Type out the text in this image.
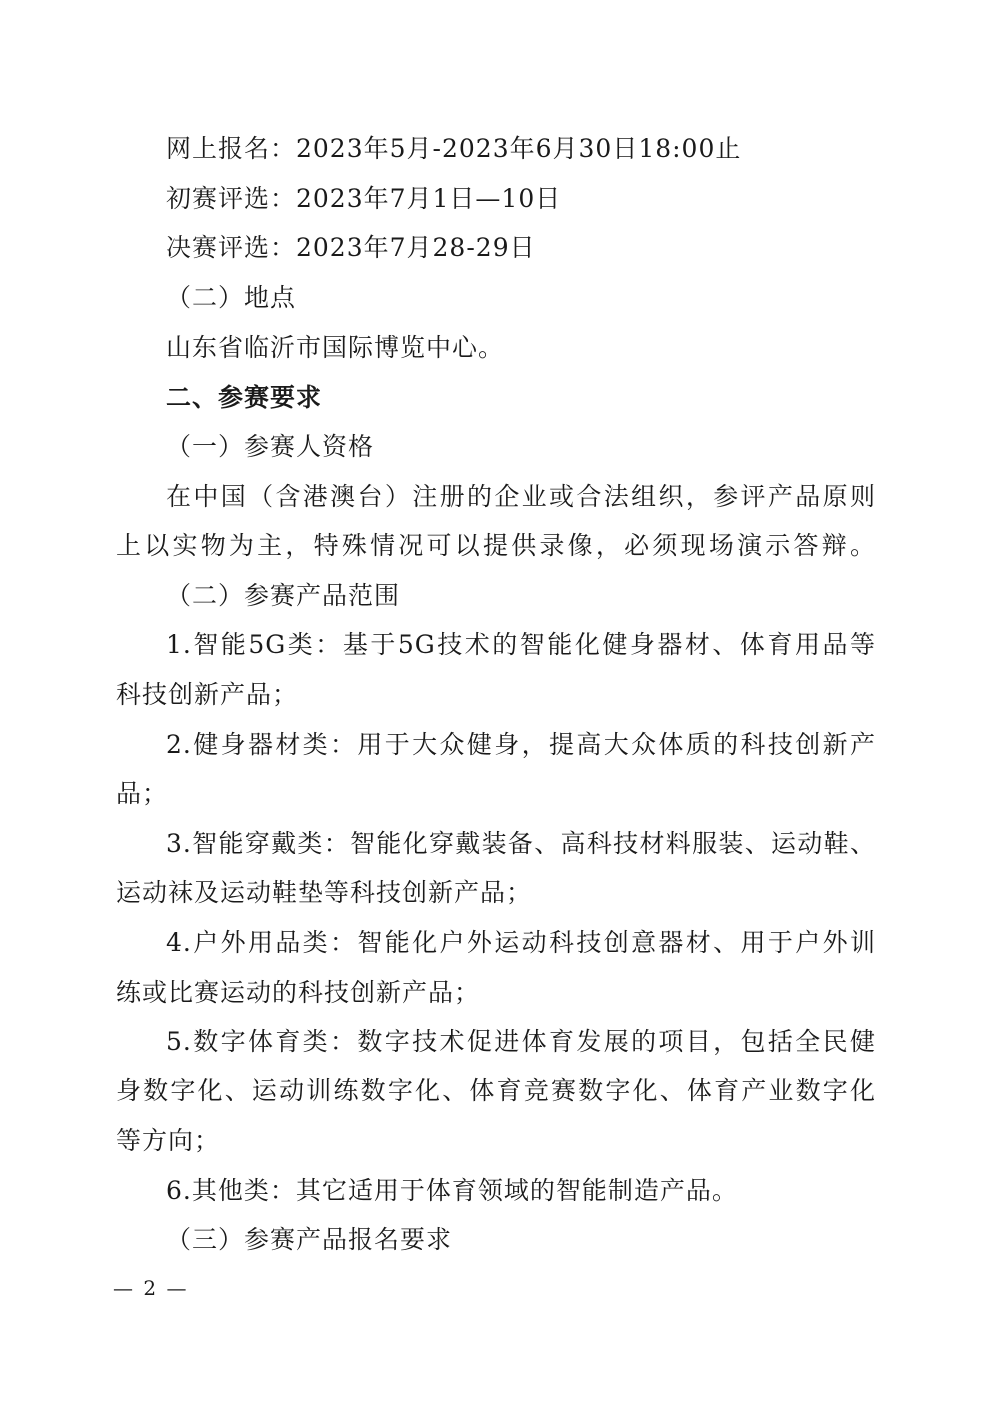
网上报名：2023年5月-2023年6月30日18:00止
初赛评选：2023年7月1日—10日
决赛评选：2023年7月28-29日
（二）地点
山东省临沂市国际博览中心。
二、参赛要求
（一）参赛人资格
在中国（含港澳台）注册的企业或合法组织，参评产品原则
上以实物为主，特殊情况可以提供录像，必须现场演示答辩。
（二）参赛产品范围
1.智能5G类：基于5G技术的智能化健身器材、体育用品等
科技创新产品；
2.健身器材类：用于大众健身，提高大众体质的科技创新产
品；
3.智能穿戴类：智能化穿戴装备、高科技材料服装、运动鞋、
运动袜及运动鞋垫等科技创新产品；
4.户外用品类：智能化户外运动科技创意器材、用于户外训
练或比赛运动的科技创新产品；
5.数字体育类：数字技术促进体育发展的项目，包括全民健
身数字化、运动训练数字化、体育竞赛数字化、体育产业数字化
等方向；
6.其他类：其它适用于体育领域的智能制造产品。
（三）参赛产品报名要求
— 2 —
